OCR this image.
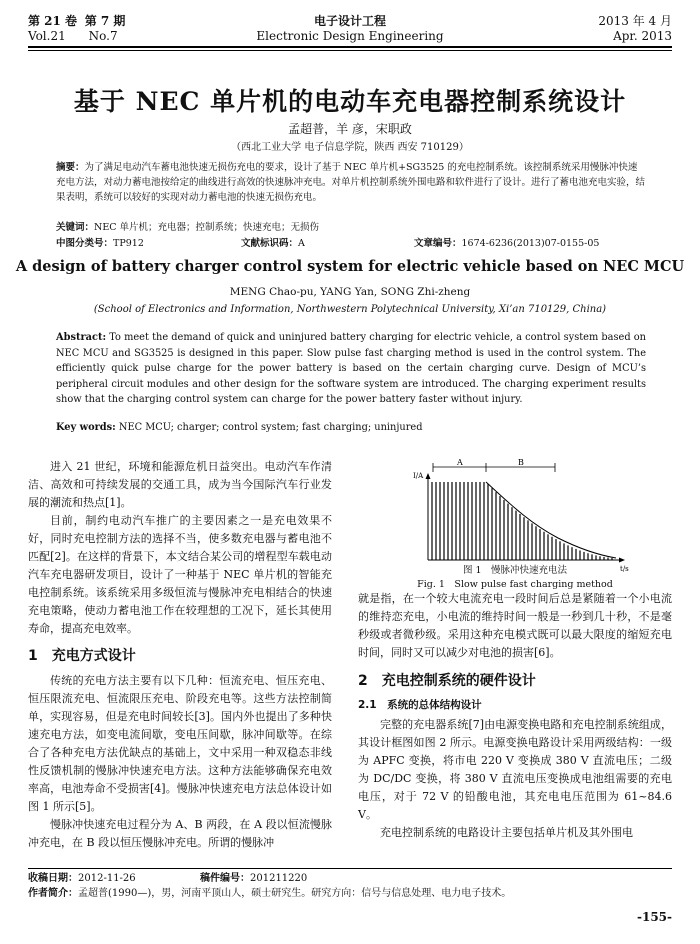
第 21 卷 第 7 期
Vol.21 No.7
电子设计工程
Electronic Design Engineering
2013 年 4 月
Apr. 2013
基于 NEC 单片机的电动车充电器控制系统设计
孟超普，羊 彦，宋职政
（西北工业大学 电子信息学院，陕西 西安 710129）
摘要：为了满足电动汽车蓄电池快速无损伤充电的要求，设计了基于 NEC 单片机+SG3525 的充电控制系统。该控制系统采用慢脉冲快速充电方法，对动力蓄电池按给定的曲线进行高效的快速脉冲充电。对单片机控制系统外围电路和软件进行了设计。进行了蓄电池充电实验，结果表明，系统可以较好的实现对动力蓄电池的快速无损伤充电。
关键词：NEC 单片机；充电器；控制系统；快速充电；无损伤
中图分类号：TP912	文献标识码：A	文章编号：1674-6236(2013)07-0155-05
A design of battery charger control system for electric vehicle based on NEC MCU
MENG Chao-pu, YANG Yan, SONG Zhi-zheng
(School of Electronics and Information, Northwestern Polytechnical University, Xi’an 710129, China)
Abstract: To meet the demand of quick and uninjured battery charging for electric vehicle, a control system based on NEC MCU and SG3525 is designed in this paper. Slow pulse fast charging method is used in the control system. The efficiently quick pulse charge for the power battery is based on the certain charging curve. Design of MCU’s peripheral circuit modules and other design for the software system are introduced. The charging experiment results show that the charging control system can charge for the power battery faster without injury.
Key words: NEC MCU; charger; control system; fast charging; uninjured

进入 21 世纪，环境和能源危机日益突出。电动汽车作清洁、高效和可持续发展的交通工具，成为当今国际汽车行业发展的潮流和热点[1]。

目前，制约电动汽车推广的主要因素之一是充电效果不好，同时充电控制方法的选择不当，使多数充电器与蓄电池不匹配[2]。在这样的背景下，本文结合某公司的增程型车载电动汽车充电器研发项目，设计了一种基于 NEC 单片机的智能充电控制系统。该系统采用多级恒流与慢脉冲充电相结合的快速充电策略，使动力蓄电池工作在较理想的工况下，延长其使用寿命，提高充电效率。

1　充电方式设计

传统的充电方法主要有以下几种：恒流充电、恒压充电、恒压限流充电、恒流限压充电、阶段充电等。这些方法控制简单，实现容易，但是充电时间较长[3]。国内外也提出了多种快速充电方法，如变电流间歇，变电压间歇，脉冲间歇等。在综合了各种充电方法优缺点的基础上，文中采用一种双稳态非线性反馈机制的慢脉冲快速充电方法。这种方法能够确保充电效率高，电池寿命不受损害[4]。慢脉冲快速充电方法总体设计如图 1 所示[5]。

慢脉冲快速充电过程分为 A、B 两段，在 A 段以恒流慢脉冲充电，在 B 段以恒压慢脉冲充电。所谓的慢脉冲

A	B
I/A
t/s
图 1　慢脉冲快速充电法
Fig. 1　Slow pulse fast charging method

就是指，在一个较大电流充电一段时间后总是紧随着一个小电流的维持恋充电，小电流的维持时间一般是一秒到几十秒，不是毫秒级或者微秒级。采用这种充电模式既可以最大限度的缩短充电时间，同时又可以减少对电池的损害[6]。

2　充电控制系统的硬件设计
2.1　系统的总体结构设计

完整的充电器系统[7]由电源变换电路和充电控制系统组成，其设计框图如图 2 所示。电源变换电路设计采用两级结构：一级为 APFC 变换，将市电 220 V 变换成 380 V 直流电压；二级为 DC/DC 变换，将 380 V 直流电压变换成电池组需要的充电电压，对于 72 V 的铅酸电池，其充电电压范围为 61~84.6 V。

充电控制系统的电路设计主要包括单片机及其外围电

收稿日期：2012-11-26	稿件编号：201211220
作者简介：孟超普(1990—)，男，河南平顶山人，硕士研究生。研究方向：信号与信息处理、电力电子技术。
-155-
